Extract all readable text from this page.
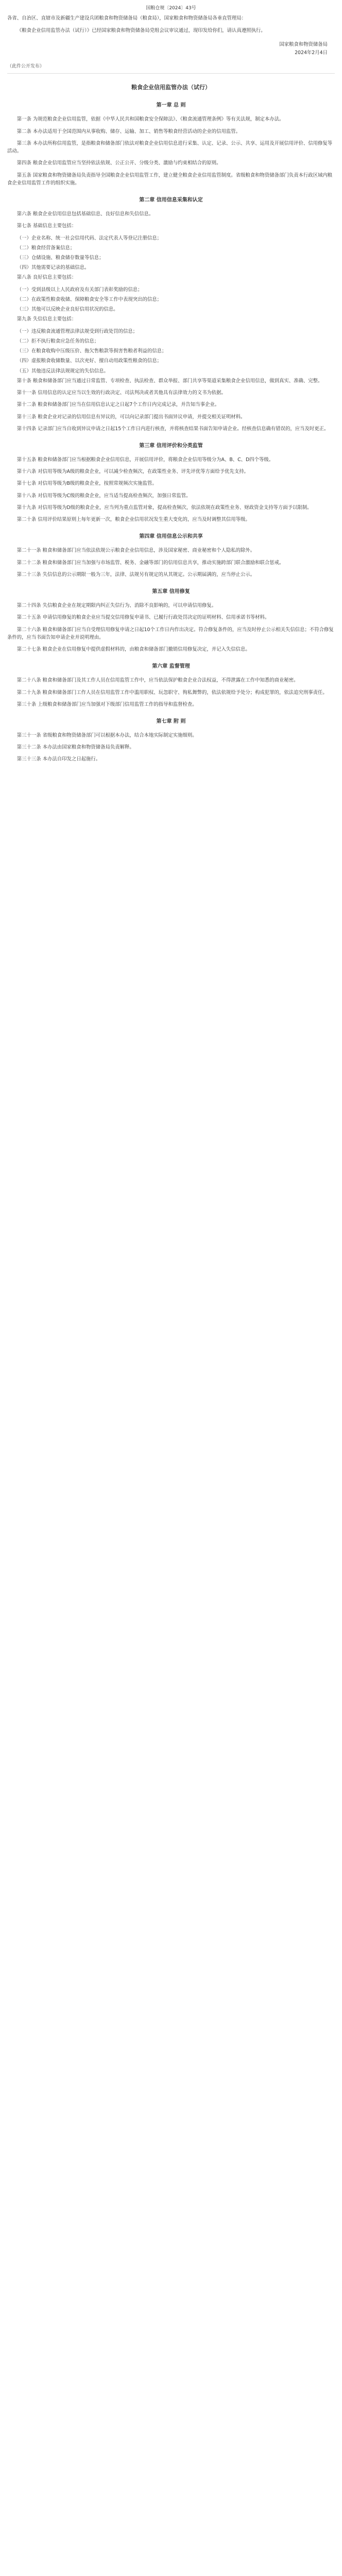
国粮仓规〔2024〕43号

各省、自治区、直辖市及新疆生产建设兵团粮食和物资储备局（粮食局），国家粮食和物资储备局各垂直管理局：

《粮食企业信用监管办法（试行）》已经国家粮食和物资储备局党组会议审议通过，现印发给你们，请认真遵照执行。

国家粮食和物资储备局
2024年2月4日
（此件公开发布）
粮食企业信用监管办法（试行）
第一章 总 则

第一条 为规范粮食企业信用监管，依据《中华人民共和国粮食安全保障法》、《粮食流通管理条例》等有关法规，制定本办法。

第二条 本办法适用于全国范围内从事收购、储存、运输、加工、销售等粮食经营活动的企业的信用监管。

第三条 本办法所称信用监管，是指粮食和储备部门依法对粮食企业信用信息进行采集、认定、记录、公示、共享、运用及开展信用评价、信用修复等活动。

第四条 粮食企业信用监管应当坚持依法依规、公正公开、分级分类、激励与约束相结合的原则。

第五条 国家粮食和物资储备局负责指导全国粮食企业信用监管工作，建立健全粮食企业信用监管制度。省级粮食和物资储备部门负责本行政区域内粮食企业信用监管工作的组织实施。

第二章 信用信息采集和认定

第六条 粮食企业信用信息包括基础信息、良好信息和失信信息。

第七条 基础信息主要包括：

（一）企业名称、统一社会信用代码、法定代表人等登记注册信息；

（二）粮食经营备案信息；

（三）仓储设施、粮食储存数量等信息；

（四）其他需要记录的基础信息。

第八条 良好信息主要包括：

（一）受到县级以上人民政府及有关部门表彰奖励的信息；

（二）在政策性粮食收储、保障粮食安全等工作中表现突出的信息；

（三）其他可以反映企业良好信用状况的信息。

第九条 失信信息主要包括：

（一）违反粮食流通管理法律法规受到行政处罚的信息；

（二）拒不执行粮食应急任务的信息；

（三）在粮食收购中压级压价、拖欠售粮款等损害售粮者利益的信息；

（四）虚报粮食收储数量、以次充好、擅自动用政策性粮食的信息；

（五）其他违反法律法规规定的失信信息。

第十条 粮食和储备部门应当通过日常监管、专项检查、执法检查、群众举报、部门共享等渠道采集粮食企业信用信息，做到真实、准确、完整。

第十一条 信用信息的认定应当以生效的行政决定、司法判决或者其他具有法律效力的文书为依据。

第十二条 粮食和储备部门应当在信用信息认定之日起7个工作日内完成记录，并告知当事企业。

第十三条 粮食企业对记录的信用信息有异议的，可以向记录部门提出书面异议申请，并提交相关证明材料。

第十四条 记录部门应当自收到异议申请之日起15个工作日内进行核查，并将核查结果书面告知申请企业。经核查信息确有错误的，应当及时更正。

第三章 信用评价和分类监管

第十五条 粮食和储备部门应当根据粮食企业信用信息，开展信用评价，将粮食企业信用等级分为A、B、C、D四个等级。

第十六条 对信用等级为A级的粮食企业，可以减少检查频次，在政策性业务、评先评优等方面给予优先支持。

第十七条 对信用等级为B级的粮食企业，按照常规频次实施监管。

第十八条 对信用等级为C级的粮食企业，应当适当提高检查频次，加强日常监管。

第十九条 对信用等级为D级的粮食企业，应当列为重点监管对象，提高检查频次，依法依规在政策性业务、财政资金支持等方面予以限制。

第二十条 信用评价结果原则上每年更新一次，粮食企业信用状况发生重大变化的，应当及时调整其信用等级。

第四章 信用信息公示和共享

第二十一条 粮食和储备部门应当依法依规公示粮食企业信用信息，涉及国家秘密、商业秘密和个人隐私的除外。

第二十二条 粮食和储备部门应当加强与市场监管、税务、金融等部门的信用信息共享，推动实施跨部门联合激励和联合惩戒。

第二十三条 失信信息的公示期限一般为三年，法律、法规另有规定的从其规定。公示期届满的，应当停止公示。

第五章 信用修复

第二十四条 失信粮食企业在规定期限内纠正失信行为、消除不良影响的，可以申请信用修复。

第二十五条 申请信用修复的粮食企业应当提交信用修复申请书、已履行行政处罚决定的证明材料、信用承诺书等材料。

第二十六条 粮食和储备部门应当自受理信用修复申请之日起10个工作日内作出决定。符合修复条件的，应当及时停止公示相关失信信息；不符合修复条件的，应当书面告知申请企业并说明理由。

第二十七条 粮食企业在信用修复中提供虚假材料的，由粮食和储备部门撤销信用修复决定，并记入失信信息。

第六章 监督管理

第二十八条 粮食和储备部门及其工作人员在信用监管工作中，应当依法保护粮食企业合法权益，不得泄露在工作中知悉的商业秘密。

第二十九条 粮食和储备部门工作人员在信用监管工作中滥用职权、玩忽职守、徇私舞弊的，依法依规给予处分；构成犯罪的，依法追究刑事责任。

第三十条 上级粮食和储备部门应当加强对下级部门信用监管工作的指导和监督检查。

第七章 附 则

第三十一条 省级粮食和物资储备部门可以根据本办法，结合本地实际制定实施细则。

第三十二条 本办法由国家粮食和物资储备局负责解释。

第三十三条 本办法自印发之日起施行。
